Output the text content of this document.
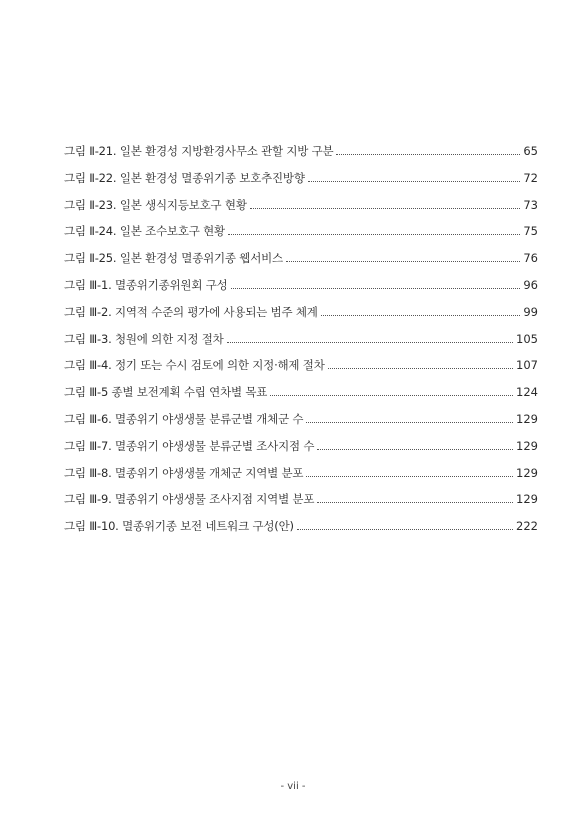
그림 Ⅱ-21. 일본 환경성 지방환경사무소 관할 지방 구분	65
그림 Ⅱ-22. 일본 환경성 멸종위기종 보호추진방향	72
그림 Ⅱ-23. 일본 생식지등보호구 현황	73
그림 Ⅱ-24. 일본 조수보호구 현황	75
그림 Ⅱ-25. 일본 환경성 멸종위기종 웹서비스	76
그림 Ⅲ-1. 멸종위기종위원회 구성	96
그림 Ⅲ-2. 지역적 수준의 평가에 사용되는 범주 체계	99
그림 Ⅲ-3. 청원에 의한 지정 절차	105
그림 Ⅲ-4. 정기 또는 수시 검토에 의한 지정·해제 절차	107
그림 Ⅲ-5 종별 보전계획 수립 연차별 목표	124
그림 Ⅲ-6. 멸종위기 야생생물 분류군별 개체군 수	129
그림 Ⅲ-7. 멸종위기 야생생물 분류군별 조사지점 수	129
그림 Ⅲ-8. 멸종위기 야생생물 개체군 지역별 분포	129
그림 Ⅲ-9. 멸종위기 야생생물 조사지점 지역별 분포	129
그림 Ⅲ-10. 멸종위기종 보전 네트워크 구성(안)	222
- vii -
